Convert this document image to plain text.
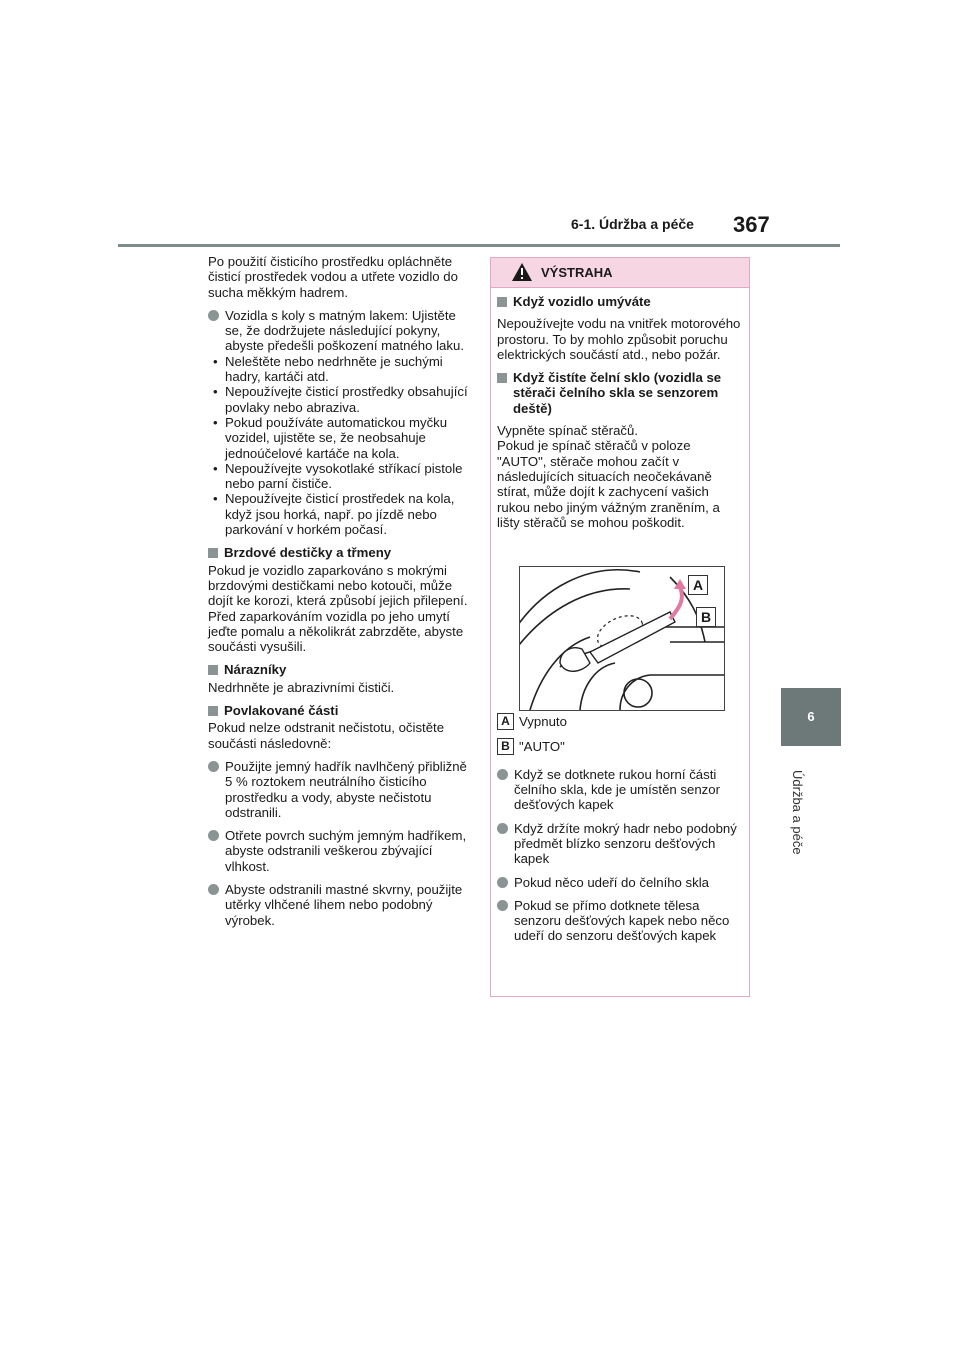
6-1. Údržba a péče 367
6
Údržba a péče

Po použití čisticího prostředku opláchněte čisticí prostředek vodou a utřete vozidlo do sucha měkkým hadrem.

Vozidla s koly s matným lakem: Ujistěte se, že dodržujete následující pokyny, abyste předešli poškození matného laku.
• Neleštěte nebo nedrhněte je suchými hadry, kartáči atd.
• Nepoužívejte čisticí prostředky obsahující povlaky nebo abraziva.
• Pokud používáte automatickou myčku vozidel, ujistěte se, že neobsahuje jednoúčelové kartáče na kola.
• Nepoužívejte vysokotlaké stříkací pistole nebo parní čističe.
• Nepoužívejte čisticí prostředek na kola, když jsou horká, např. po jízdě nebo parkování v horkém počasí.
Brzdové destičky a třmeny

Pokud je vozidlo zaparkováno s mokrými brzdovými destičkami nebo kotouči, může dojít ke korozi, která způsobí jejich přilepení. Před zaparkováním vozidla po jeho umytí jeďte pomalu a několikrát zabrzděte, abyste součásti vysušili.

Nárazníky

Nedrhněte je abrazivními čističi.

Povlakované části

Pokud nelze odstranit nečistotu, očistěte součásti následovně:

Použijte jemný hadřík navlhčený přibližně 5 % roztokem neutrálního čisticího prostředku a vody, abyste nečistotu odstranili.
Otřete povrch suchým jemným hadříkem, abyste odstranili veškerou zbývající vlhkost.
Abyste odstranili mastné skvrny, použijte utěrky vlhčené lihem nebo podobný výrobek.
VÝSTRAHA
Když vozidlo umýváte

Nepoužívejte vodu na vnitřek motorového prostoru. To by mohlo způsobit poruchu elektrických součástí atd., nebo požár.

Když čistíte čelní sklo (vozidla se stěrači čelního skla se senzorem deště)
Vypněte spínač stěračů.

Pokud je spínač stěračů v poloze "AUTO", stěrače mohou začít v následujících situacích neočekávaně stírat, může dojít k zachycení vašich rukou nebo jiným vážným zraněním, a lišty stěračů se mohou poškodit.

A Vypnuto
B "AUTO"
Když se dotknete rukou horní části čelního skla, kde je umístěn senzor dešťových kapek
Když držíte mokrý hadr nebo podobný předmět blízko senzoru dešťových kapek
Pokud něco udeří do čelního skla
Pokud se přímo dotknete tělesa senzoru dešťových kapek nebo něco udeří do senzoru dešťových kapek
A
B
